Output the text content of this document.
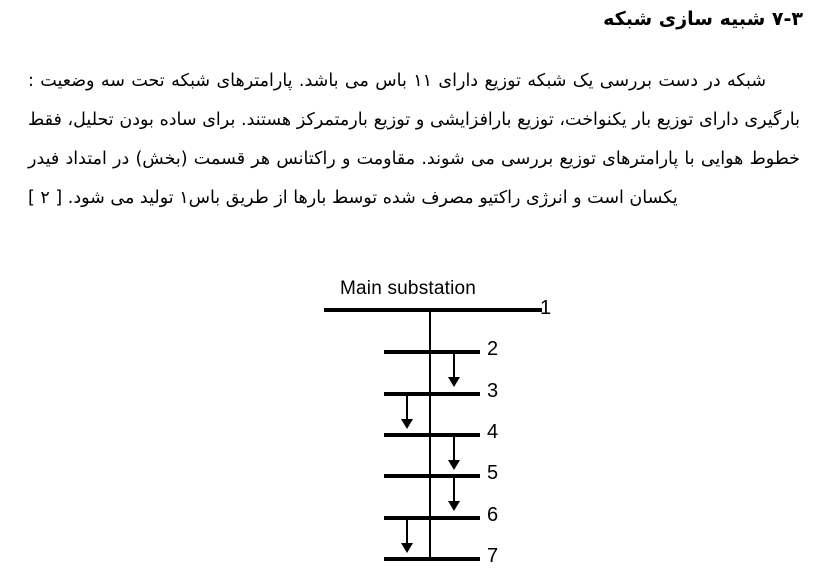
۷-۳ شبیه سازی شبکه
شبکه در دست بررسی یک شبکه توزیع دارای ۱۱ باس می باشد. پارامترهای شبکه تحت سه وضعیت : بارگیری دارای توزیع بار یکنواخت، توزیع بارافزایشی و توزیع بارمتمرکز هستند. برای ساده بودن تحلیل، فقط خطوط هوایی با پارامترهای توزیع بررسی می شوند. مقاومت و راکتانس هر قسمت (بخش) در امتداد فیدر یکسان است و انرژی راکتیو مصرف شده توسط بارها از طریق باس۱ تولید می شود. [ ۲ ]
Main substation
1
2
3
4
5
6
7
